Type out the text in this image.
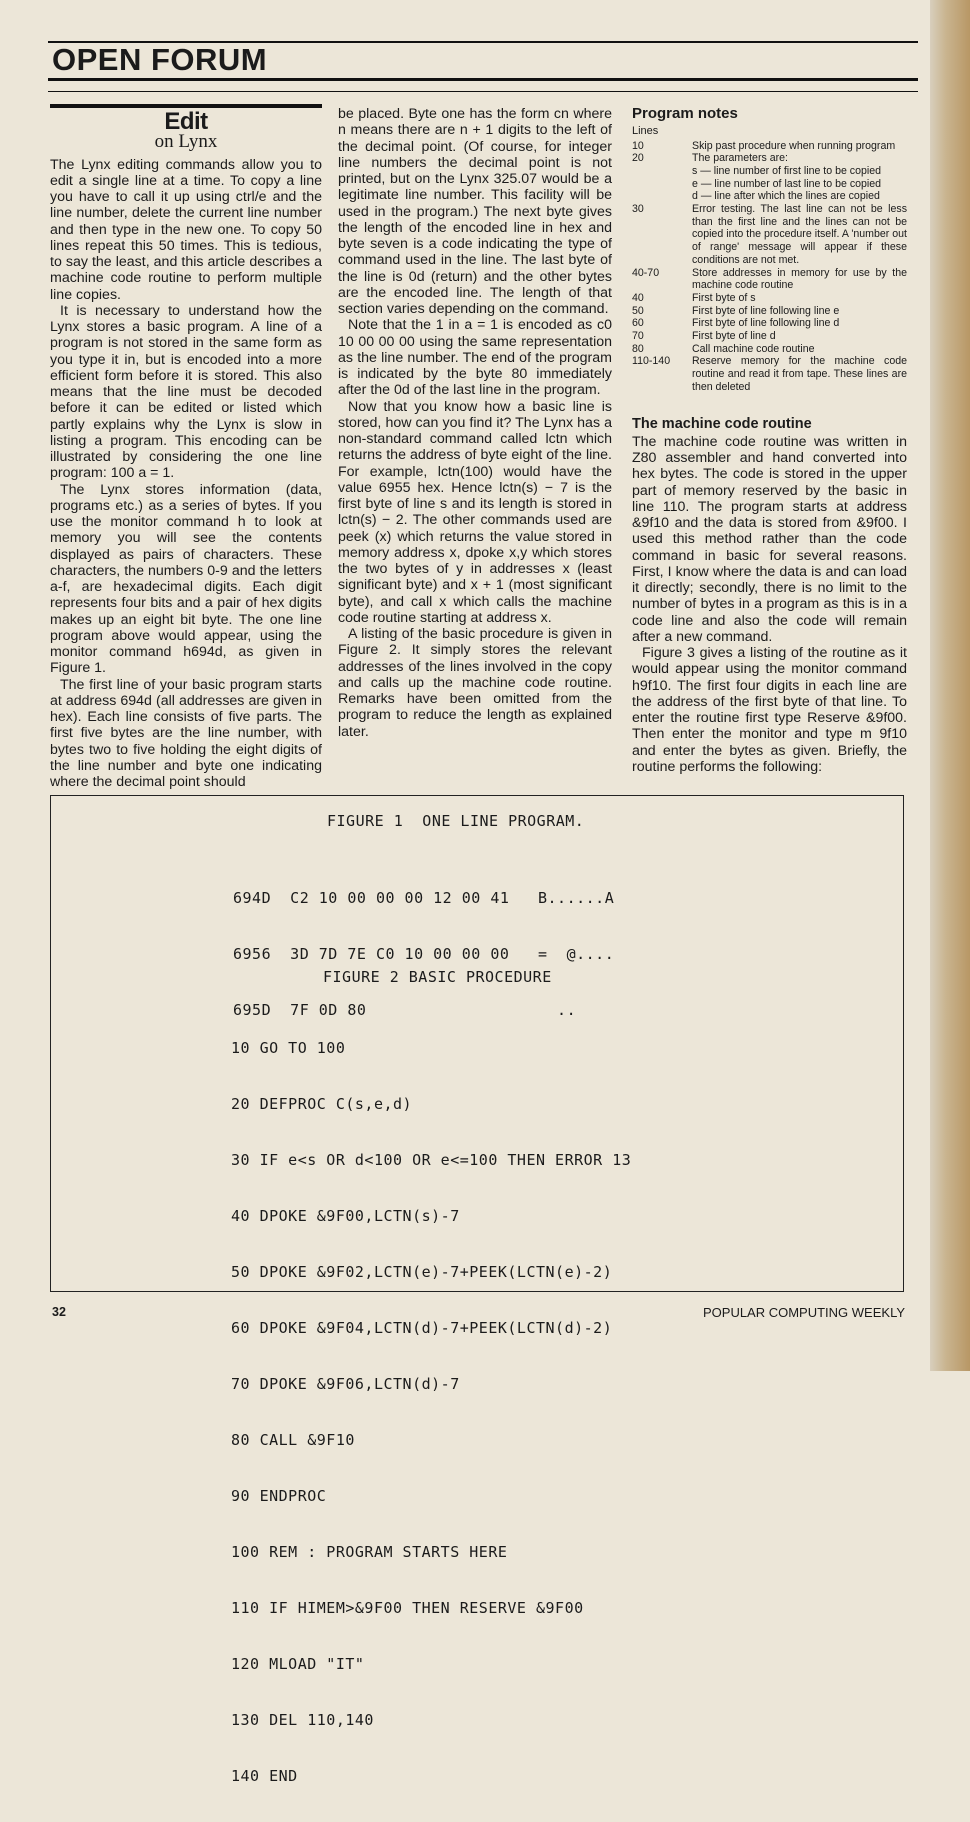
OPEN FORUM
Edit
on Lynx

The Lynx editing commands allow you to edit a single line at a time. To copy a line you have to call it up using ctrl/e and the line number, delete the current line number and then type in the new one. To copy 50 lines repeat this 50 times. This is tedious, to say the least, and this article describes a machine code routine to perform multiple line copies.

It is necessary to understand how the Lynx stores a basic program. A line of a program is not stored in the same form as you type it in, but is encoded into a more efficient form before it is stored. This also means that the line must be decoded before it can be edited or listed which partly explains why the Lynx is slow in listing a program. This encoding can be illustrated by considering the one line program: 100 a = 1.

The Lynx stores information (data, programs etc.) as a series of bytes. If you use the monitor command h to look at memory you will see the contents displayed as pairs of characters. These characters, the numbers 0-9 and the letters a-f, are hexadecimal digits. Each digit represents four bits and a pair of hex digits makes up an eight bit byte. The one line program above would appear, using the monitor command h694d, as given in Figure 1.

The first line of your basic program starts at address 694d (all addresses are given in hex). Each line consists of five parts. The first five bytes are the line number, with bytes two to five holding the eight digits of the line number and byte one indicating where the decimal point should

be placed. Byte one has the form cn where n means there are n + 1 digits to the left of the decimal point. (Of course, for integer line numbers the decimal point is not printed, but on the Lynx 325.07 would be a legitimate line number. This facility will be used in the program.) The next byte gives the length of the encoded line in hex and byte seven is a code indicating the type of command used in the line. The last byte of the line is 0d (return) and the other bytes are the encoded line. The length of that section varies depending on the command.

Note that the 1 in a = 1 is encoded as c0 10 00 00 00 using the same representation as the line number. The end of the program is indicated by the byte 80 immediately after the 0d of the last line in the program.

Now that you know how a basic line is stored, how can you find it? The Lynx has a non-standard command called lctn which returns the address of byte eight of the line. For example, lctn(100) would have the value 6955 hex. Hence lctn(s) − 7 is the first byte of line s and its length is stored in lctn(s) − 2. The other commands used are peek (x) which returns the value stored in memory address x, dpoke x,y which stores the two bytes of y in addresses x (least significant byte) and x + 1 (most significant byte), and call x which calls the machine code routine starting at address x.

A listing of the basic procedure is given in Figure 2. It simply stores the relevant addresses of the lines involved in the copy and calls up the machine code routine. Remarks have been omitted from the program to reduce the length as explained later.

Program notes
Lines
10	Skip past procedure when running program
20	The parameters are:
	s — line number of first line to be copied
	e — line number of last line to be copied
	d — line after which the lines are copied
30	Error testing. The last line can not be less than the first line and the lines can not be copied into the procedure itself. A 'number out of range' message will appear if these conditions are not met.
40-70	Store addresses in memory for use by the machine code routine
40	First byte of s
50	First byte of line following line e
60	First byte of line following line d
70	First byte of line d
80	Call machine code routine
110-140	Reserve memory for the machine code routine and read it from tape. These lines are then deleted
The machine code routine

The machine code routine was written in Z80 assembler and hand converted into hex bytes. The code is stored in the upper part of memory reserved by the basic in line 110. The program starts at address &9f10 and the data is stored from &9f00. I used this method rather than the code command in basic for several reasons. First, I know where the data is and can load it directly; secondly, there is no limit to the number of bytes in a program as this is in a code line and also the code will remain after a new command.

Figure 3 gives a listing of the routine as it would appear using the monitor command h9f10. The first four digits in each line are the address of the first byte of that line. To enter the routine first type Reserve &9f00. Then enter the monitor and type m 9f10 and enter the bytes as given. Briefly, the routine performs the following:

FIGURE 1  ONE LINE PROGRAM.

694D  C2 10 00 00 00 12 00 41   B......A

6956  3D 7D 7E C0 10 00 00 00   =  @....

695D  7F 0D 80                    ..

FIGURE 2 BASIC PROCEDURE

10 GO TO 100

20 DEFPROC C(s,e,d)

30 IF e<s OR d<100 OR e<=100 THEN ERROR 13

40 DPOKE &9F00,LCTN(s)-7

50 DPOKE &9F02,LCTN(e)-7+PEEK(LCTN(e)-2)

60 DPOKE &9F04,LCTN(d)-7+PEEK(LCTN(d)-2)

70 DPOKE &9F06,LCTN(d)-7

80 CALL &9F10

90 ENDPROC

100 REM : PROGRAM STARTS HERE

110 IF HIMEM>&9F00 THEN RESERVE &9F00

120 MLOAD "IT"

130 DEL 110,140

140 END

32	POPULAR COMPUTING WEEKLY
